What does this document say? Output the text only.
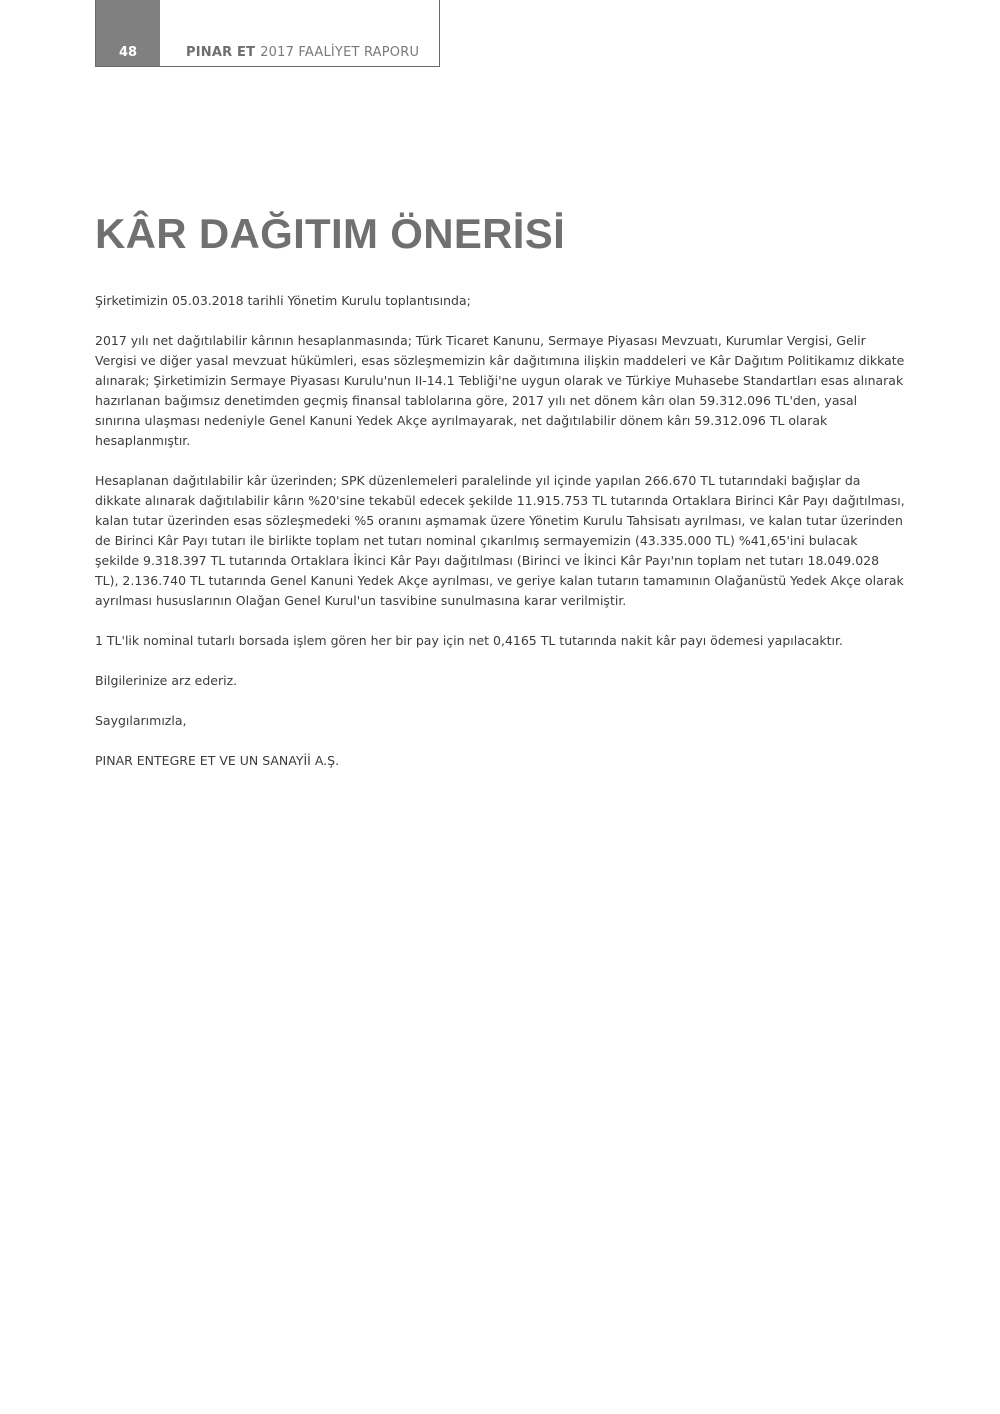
48	PINAR ET 2017 FAALİYET RAPORU
KÂR DAĞITIM ÖNERİSİ

Şirketimizin 05.03.2018 tarihli Yönetim Kurulu toplantısında;

2017 yılı net dağıtılabilir kârının hesaplanmasında; Türk Ticaret Kanunu, Sermaye Piyasası Mevzuatı, Kurumlar Vergisi, Gelir Vergisi ve diğer yasal mevzuat hükümleri, esas sözleşmemizin kâr dağıtımına ilişkin maddeleri ve Kâr Dağıtım Politikamız dikkate alınarak; Şirketimizin Sermaye Piyasası Kurulu'nun II-14.1 Tebliği'ne uygun olarak ve Türkiye Muhasebe Standartları esas alınarak hazırlanan bağımsız denetimden geçmiş finansal tablolarına göre, 2017 yılı net dönem kârı olan 59.312.096 TL'den, yasal sınırına ulaşması nedeniyle Genel Kanuni Yedek Akçe ayrılmayarak, net dağıtılabilir dönem kârı 59.312.096 TL olarak hesaplanmıştır.

Hesaplanan dağıtılabilir kâr üzerinden; SPK düzenlemeleri paralelinde yıl içinde yapılan 266.670 TL tutarındaki bağışlar da dikkate alınarak dağıtılabilir kârın %20'sine tekabül edecek şekilde 11.915.753 TL tutarında Ortaklara Birinci Kâr Payı dağıtılması, kalan tutar üzerinden esas sözleşmedeki %5 oranını aşmamak üzere Yönetim Kurulu Tahsisatı ayrılması, ve kalan tutar üzerinden de Birinci Kâr Payı tutarı ile birlikte toplam net tutarı nominal çıkarılmış sermayemizin (43.335.000 TL) %41,65'ini bulacak şekilde 9.318.397 TL tutarında Ortaklara İkinci Kâr Payı dağıtılması (Birinci ve İkinci Kâr Payı'nın toplam net tutarı 18.049.028 TL), 2.136.740 TL tutarında Genel Kanuni Yedek Akçe ayrılması, ve geriye kalan tutarın tamamının Olağanüstü Yedek Akçe olarak ayrılması hususlarının Olağan Genel Kurul'un tasvibine sunulmasına karar verilmiştir.

1 TL'lik nominal tutarlı borsada işlem gören her bir pay için net 0,4165 TL tutarında nakit kâr payı ödemesi yapılacaktır.

Bilgilerinize arz ederiz.

Saygılarımızla,

PINAR ENTEGRE ET VE UN SANAYİİ A.Ş.
